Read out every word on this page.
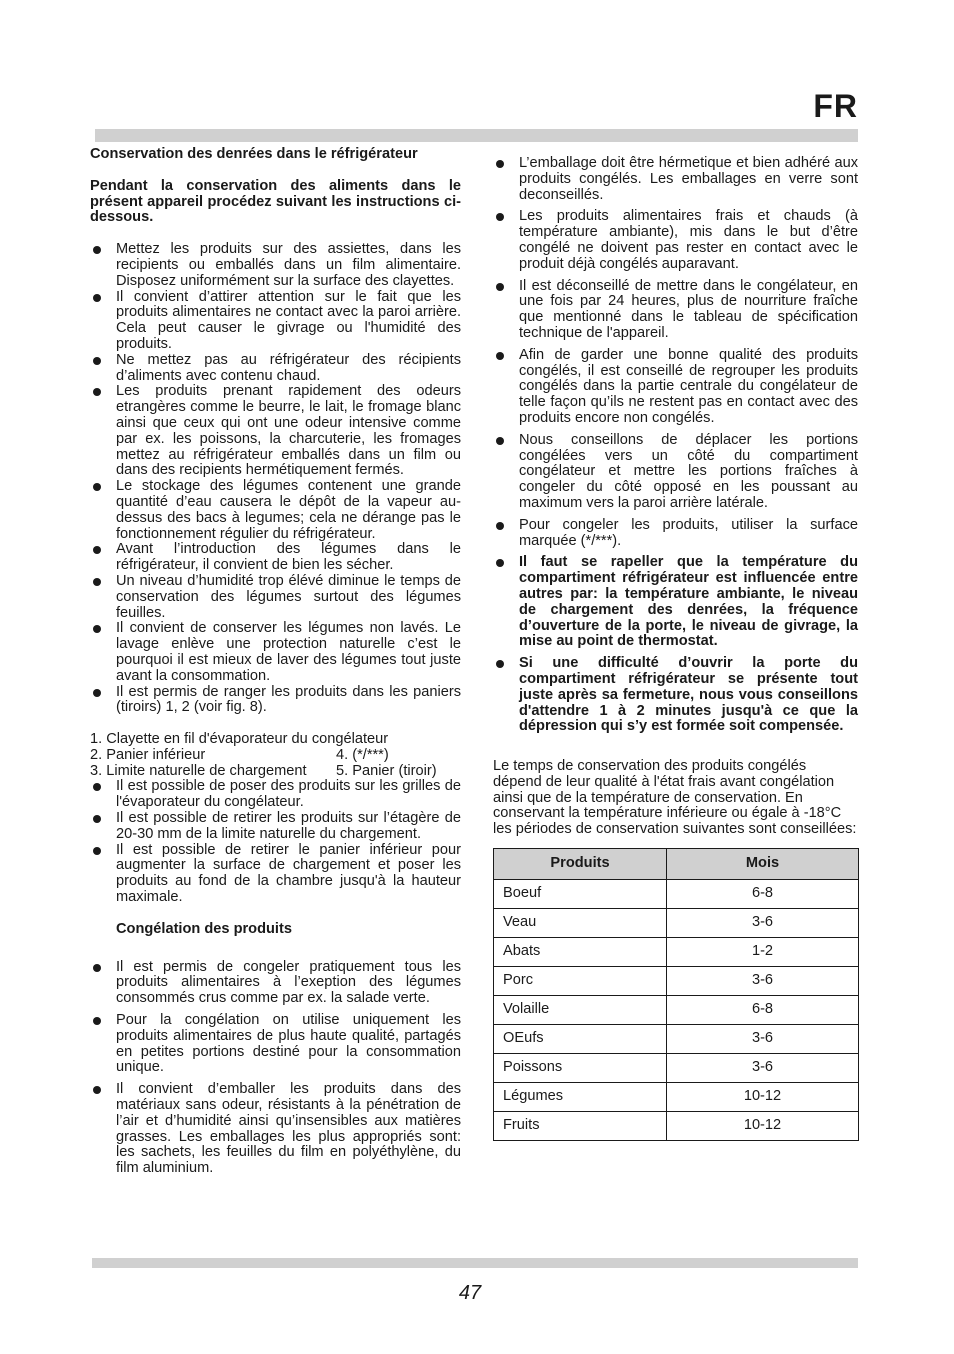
FR

Conservation des denrées dans le réfrigérateur

Pendant la conservation des aliments dans le présent appareil procédez suivant les instructions ci-dessous.

Mettez les produits sur des assiettes, dans les recipients ou emballés dans un film alimentaire. Disposez uniformément sur la surface des clayettes.
Il convient d’attirer attention sur le fait que les produits alimentaires ne contact avec la paroi arrière. Cela peut causer le givrage ou l'humidité des produits.
Ne mettez pas au réfrigérateur des récipients d’aliments avec contenu chaud.
Les produits prenant rapidement des odeurs etrangères comme le beurre, le lait, le fromage blanc ainsi que ceux qui ont une odeur intensive comme par ex. les poissons, la charcuterie, les fromages mettez au réfrigérateur emballés dans un film ou dans des recipients hermétiquement fermés.
Le stockage des légumes contenent une grande quantité d’eau causera le dépôt de la vapeur au-dessus des bacs à legumes; cela ne dérange pas le fonctionnement régulier du réfrigérateur.
Avant l’introduction des légumes dans le réfrigérateur, il convient de bien les sécher.
Un niveau d’humidité trop élévé diminue le temps de conservation des légumes surtout des légumes feuilles.
Il convient de conserver les légumes non lavés. Le lavage enlève une protection naturelle c’est le pourquoi il est mieux de laver des légumes tout juste avant la consommation.
Il est permis de ranger les produits dans les paniers (tiroirs) 1, 2 (voir fig. 8).
1. Clayette en fil d'évaporateur du congélateur
2. Panier inférieur	4. (*/***)
3. Limite naturelle de chargement 5. Panier (tiroir)
Il est possible de poser des produits sur les grilles de l'évaporateur du congélateur.
Il est possible de retirer les produits sur l’étagère de 20-30 mm de la limite naturelle du chargement.
Il est possible de retirer le panier inférieur pour augmenter la surface de chargement et poser les produits au fond de la chambre jusqu'à la hauteur maximale.

Congélation des produits

Il est permis de congeler pratiquement tous les produits alimentaires à l’exeption des légumes consommés crus comme par ex. la salade verte.
Pour la congélation on utilise uniquement les produits alimentaires de plus haute qualité, partagés en petites portions destiné pour la consommation unique.
Il convient d’emballer les produits dans des matériaux sans odeur, résistants à la pénétration de l’air et d’humidité ainsi qu’insensibles aux matières grasses. Les emballages les plus appropriés sont: les sachets, les feuilles du film en polyéthylène, du film aluminium.
L’emballage doit être hérmetique et bien adhéré aux produits congélés. Les emballages en verre sont deconseillés.
Les produits alimentaires frais et chauds (à température ambiante), mis dans le but d’être congélé ne doivent pas rester en contact avec le produit déjà congélés auparavant.
Il est déconseillé de mettre dans le congélateur, en une fois par 24 heures, plus de nourriture fraîche que mentionné dans le tableau de spécification technique de l'appareil.
Afin de garder une bonne qualité des produits congélés, il est conseillé de regrouper les produits congélés dans la partie centrale du congélateur de telle façon qu’ils ne restent pas en contact avec des produits encore non congélés.
Nous conseillons de déplacer les portions congélées vers un côté du compartiment congélateur et mettre les portions fraîches à congeler du côté opposé en les poussant au maximum vers la paroi arrière latérale.
Pour congeler les produits, utiliser la surface marquée (*/***).
Il faut se rapeller que la température du compartiment réfrigérateur est influencée entre autres par: la température ambiante, le niveau de chargement des denrées, la fréquence d’ouverture de la porte, le niveau de givrage, la mise au point de thermostat.
Si une difficulté d’ouvrir la porte du compartiment réfrigérateur se présente tout juste après sa fermeture, nous vous conseillons d'attendre 1 à 2 minutes jusqu'à ce que la dépression qui s’y est formée soit compensée.

Le temps de conservation des produits congélés dépend de leur qualité à l'état frais avant congélation ainsi que de la température de conservation. En conservant la température inférieure ou égale à -18°C les périodes de conservation suivantes sont conseillées:

Produits	Mois
Boeuf	6-8
Veau	3-6
Abats	1-2
Porc	3-6
Volaille	6-8
OEufs	3-6
Poissons	3-6
Légumes	10-12
Fruits	10-12
47
